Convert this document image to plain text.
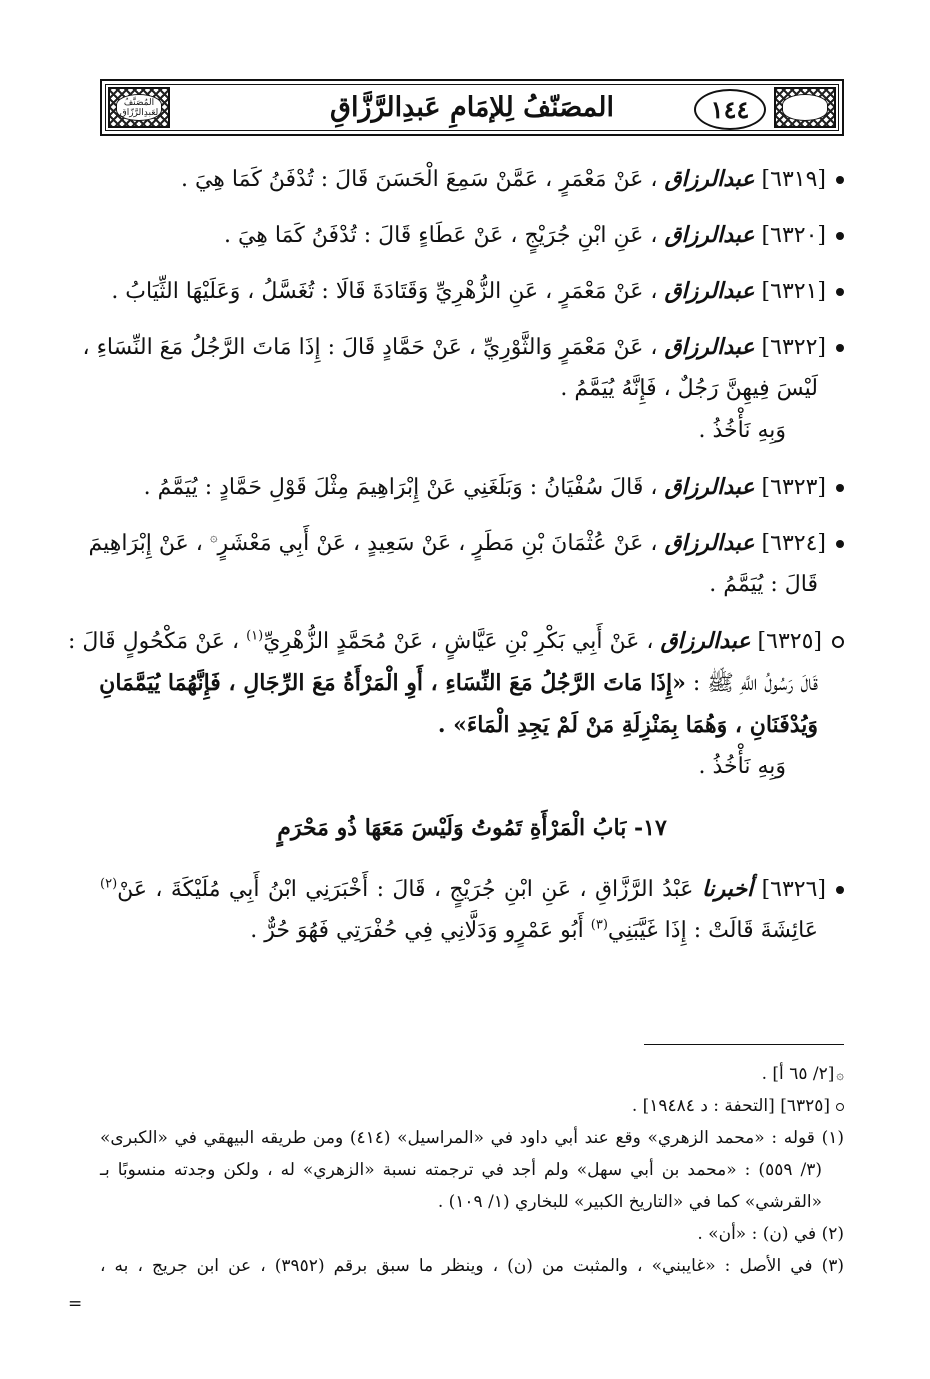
المُصَنَّفُ لعَبدِالرَّزّاق	المصَنّفُ لِلإمَامِ عَبدِالرَّزَّاقِ	١٤٤

[٦٣١٩] عبدالرزاق ، عَنْ مَعْمَرٍ ، عَمَّنْ سَمِعَ الْحَسَنَ قَالَ : تُدْفَنُ كَمَا هِيَ .
[٦٣٢٠] عبدالرزاق ، عَنِ ابْنِ جُرَيْجٍ ، عَنْ عَطَاءٍ قَالَ : تُدْفَنُ كَمَا هِيَ .
[٦٣٢١] عبدالرزاق ، عَنْ مَعْمَرٍ ، عَنِ الزُّهْرِيِّ وَقَتَادَةَ قَالَا : تُغَسَّلُ ، وَعَلَيْهَا الثِّيَابُ .
[٦٣٢٢] عبدالرزاق ، عَنْ مَعْمَرٍ وَالثَّوْرِيِّ ، عَنْ حَمَّادٍ قَالَ : إِذَا مَاتَ الرَّجُلُ مَعَ النِّسَاءِ ،
لَيْسَ فِيهِنَّ رَجُلٌ ، فَإِنَّهُ يُيَمَّمُ .
وَبِهِ نَأْخُذُ .
[٦٣٢٣] عبدالرزاق ، قَالَ سُفْيَانُ : وَبَلَغَنِي عَنْ إِبْرَاهِيمَ مِثْلَ قَوْلِ حَمَّادٍ : يُيَمَّمُ .
[٦٣٢٤] عبدالرزاق ، عَنْ عُثْمَانَ بْنِ مَطَرٍ ، عَنْ سَعِيدٍ ، عَنْ أَبِي مَعْشَرٍ۞ ، عَنْ إِبْرَاهِيمَ
قَالَ : يُيَمَّمُ .
[٦٣٢٥] عبدالرزاق ، عَنْ أَبِي بَكْرِ بْنِ عَيَّاشٍ ، عَنْ مُحَمَّدٍ الزُّهْرِيِّ$^{(١)}$ ، عَنْ مَكْحُولٍ قَالَ :
قَالَ رَسُولُ اللَّهِ ﷺ : «إِذَا مَاتَ الرَّجُلُ مَعَ النِّسَاءِ ، أَوِ الْمَرْأَةُ مَعَ الرِّجَالِ ، فَإِنَّهُمَا يُيَمَّمَانِ
وَيُدْفَنَانِ ، وَهُمَا بِمَنْزِلَةِ مَنْ لَمْ يَجِدِ الْمَاءَ» .
وَبِهِ نَأْخُذُ .
١٧- بَابُ الْمَرْأَةِ تَمُوتُ وَلَيْسَ مَعَهَا ذُو مَحْرَمٍ
[٦٣٢٦] أخبرنا عَبْدُ الرَّزَّاقِ ، عَنِ ابْنِ جُرَيْجٍ ، قَالَ : أَخْبَرَنِي ابْنُ أَبِي مُلَيْكَةَ ، عَنْ$^{(٢)}$
عَائِشَةَ قَالَتْ : إِذَا غَيَّبَنِي$^{(٣)}$ أَبُو عَمْرٍو وَدَلَّانِي فِي حُفْرَتِي فَهُوَ حُرٌّ .
۞[٢/ ٦٥ أ] .
[٦٣٢٥] [التحفة : د ١٩٤٨٤] .
(١) قوله : «محمد الزهري» وقع عند أبي داود في «المراسيل» (٤١٤) ومن طريقه البيهقي في «الكبرى»
(٣/ ٥٥٩) : «محمد بن أبي سهل» ولم أجد في ترجمته نسبة «الزهري» له ، ولكن وجدته منسوبًا بـ
«القرشي» كما في «التاريخ الكبير» للبخاري (١/ ١٠٩) .
(٢) في (ن) : «أن» .
(٣) في الأصل : «غايبني» ، والمثبت من (ن) ، وينظر ما سبق برقم (٣٩٥٢) ، عن ابن جريج ، به ،
=
